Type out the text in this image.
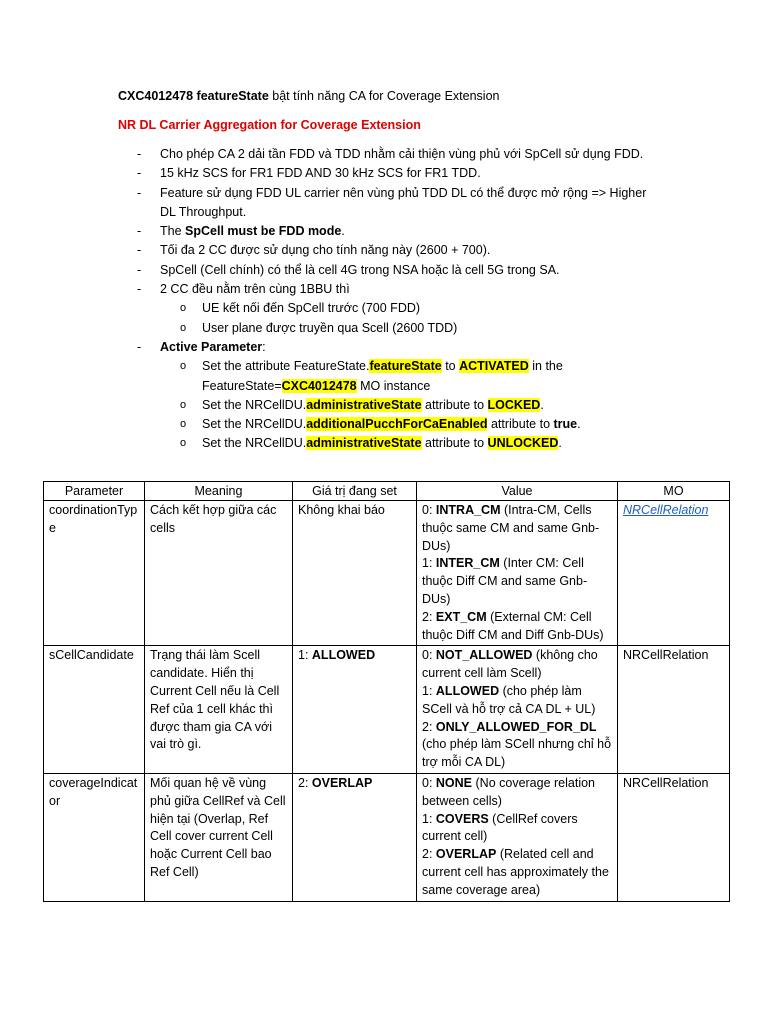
CXC4012478 featureState bật tính năng CA for Coverage Extension
NR DL Carrier Aggregation for Coverage Extension
- Cho phép CA 2 dải tần FDD và TDD nhằm cải thiện vùng phủ với SpCell sử dụng FDD.
- 15 kHz SCS for FR1 FDD AND 30 kHz SCS for FR1 TDD.
- Feature sử dụng FDD UL carrier nên vùng phủ TDD DL có thể được mở rộng => Higher DL Throughput.
- The SpCell must be FDD mode.
- Tối đa 2 CC được sử dụng cho tính năng này (2600 + 700).
- SpCell (Cell chính) có thể là cell 4G trong NSA hoặc là cell 5G trong SA.
- 2 CC đều nằm trên cùng 1BBU thì
o UE kết nối đến SpCell trước (700 FDD)
o User plane được truyền qua Scell (2600 TDD)
- Active Parameter:
o Set the attribute FeatureState.featureState to ACTIVATED in the FeatureState=CXC4012478 MO instance
o Set the NRCellDU.administrativeState attribute to LOCKED.
o Set the NRCellDU.additionalPucchForCaEnabled attribute to true.
o Set the NRCellDU.administrativeState attribute to UNLOCKED.
Parameter	Meaning	Giá trị đang set	Value	MO
coordinationType	Cách kết hợp giữa các cells	Không khai báo	0: INTRA_CM (Intra-CM, Cells thuộc same CM and same Gnb-DUs)
1: INTER_CM (Inter CM: Cell thuộc Diff CM and same Gnb-DUs)
2: EXT_CM (External CM: Cell thuộc Diff CM and Diff Gnb-DUs)	NRCellRelation
sCellCandidate	Trạng thái làm Scell candidate. Hiển thị Current Cell nếu là Cell Ref của 1 cell khác thì được tham gia CA với vai trò gì.	1: ALLOWED	0: NOT_ALLOWED (không cho current cell làm Scell)
1: ALLOWED (cho phép làm SCell và hỗ trợ cả CA DL + UL)
2: ONLY_ALLOWED_FOR_DL (cho phép làm SCell nhưng chỉ hỗ trợ mỗi CA DL)	NRCellRelation
coverageIndicator	Mối quan hệ về vùng phủ giữa CellRef và Cell hiện tại (Overlap, Ref Cell cover current Cell hoặc Current Cell bao Ref Cell)	2: OVERLAP	0: NONE (No coverage relation between cells)
1: COVERS (CellRef covers current cell)
2: OVERLAP (Related cell and current cell has approximately the same coverage area)	NRCellRelation
